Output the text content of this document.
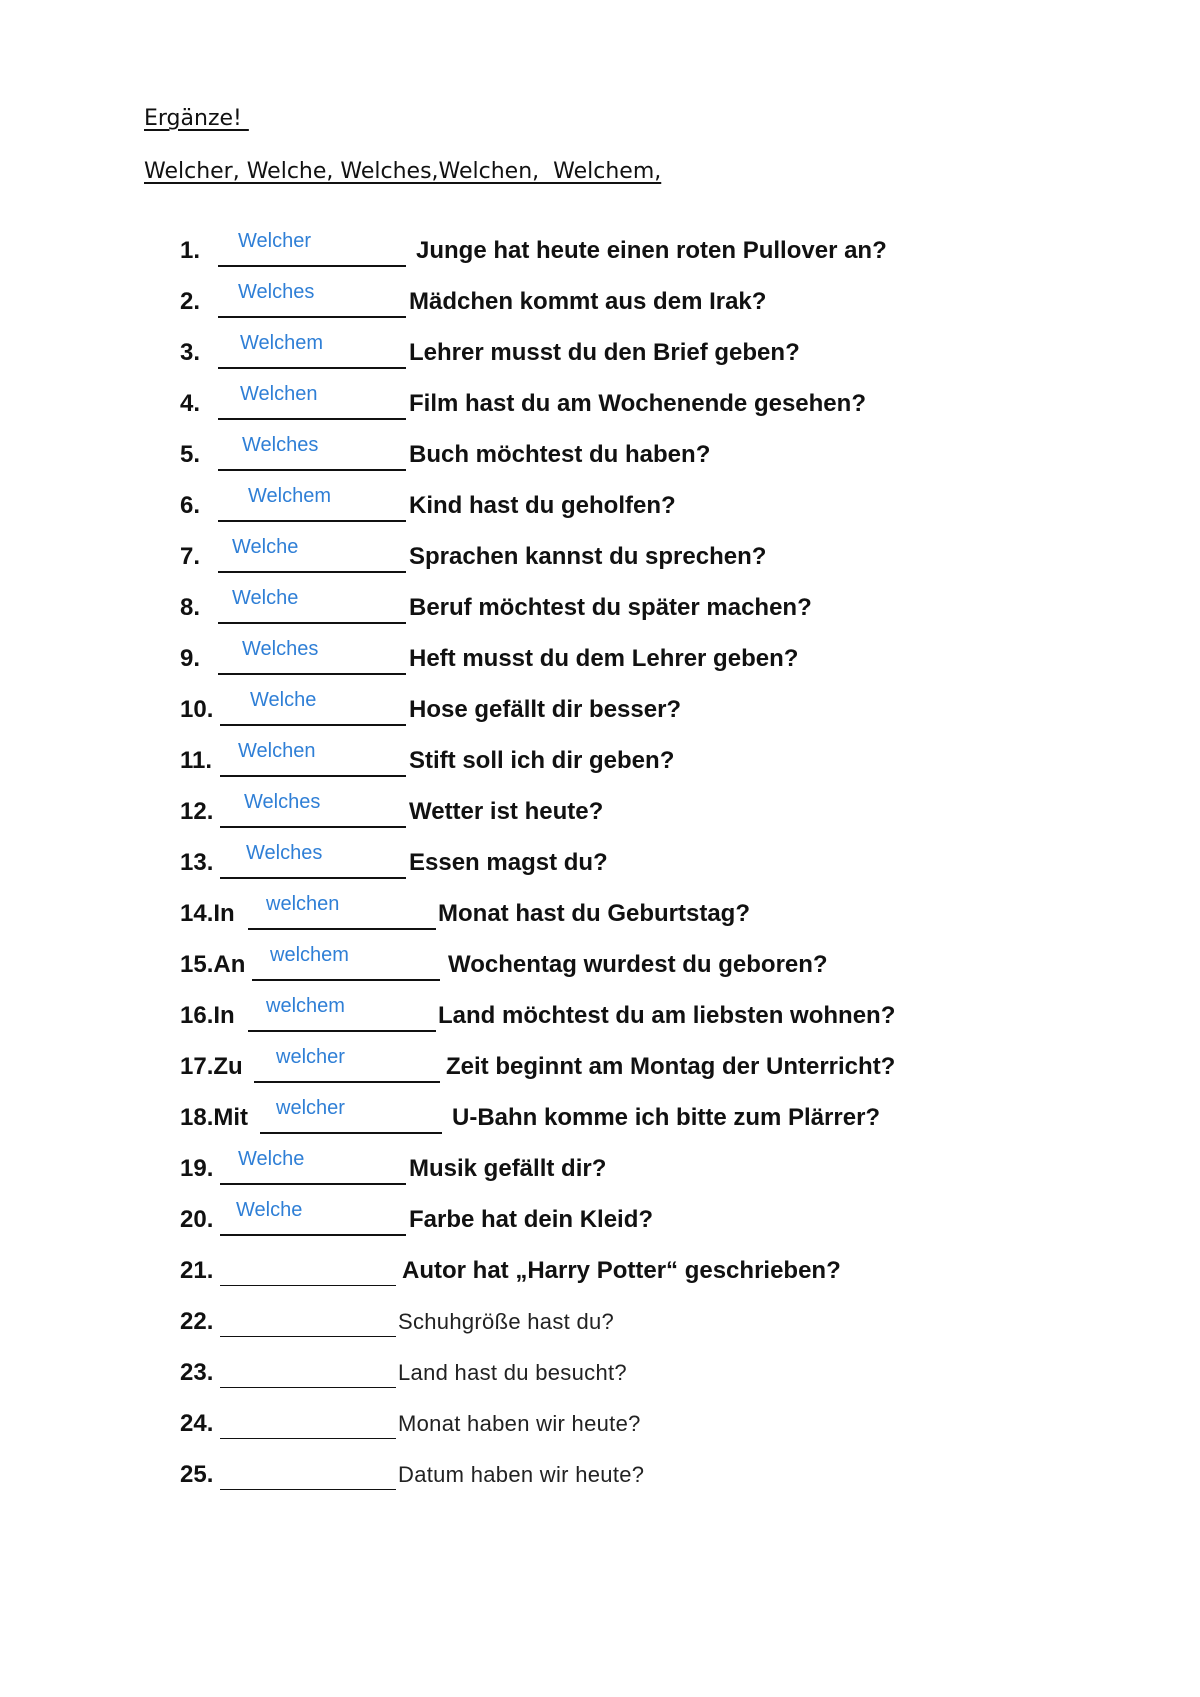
Ergänze!
Welcher, Welche, Welches,Welchen,  Welchem,
1. Welcher	Junge hat heute einen roten Pullover an?
2. Welches	Mädchen kommt aus dem Irak?
3. Welchem	Lehrer musst du den Brief geben?
4. Welchen	Film hast du am Wochenende gesehen?
5. Welches	Buch möchtest du haben?
6. Welchem	Kind hast du geholfen?
7. Welche	Sprachen kannst du sprechen?
8. Welche	Beruf möchtest du später machen?
9. Welches	Heft musst du dem Lehrer geben?
10. Welche	Hose gefällt dir besser?
11. Welchen	Stift soll ich dir geben?
12. Welches	Wetter ist heute?
13. Welches	Essen magst du?
14.In welchen	Monat hast du Geburtstag?
15.An welchem	Wochentag wurdest du geboren?
16.In welchem	Land möchtest du am liebsten wohnen?
17.Zu welcher	Zeit beginnt am Montag der Unterricht?
18.Mit welcher	U-Bahn komme ich bitte zum Plärrer?
19. Welche	Musik gefällt dir?
20. Welche	Farbe hat dein Kleid?
21.	Autor hat „Harry Potter“ geschrieben?
22.	Schuhgröße hast du?
23.	Land hast du besucht?
24.	Monat haben wir heute?
25.	Datum haben wir heute?
